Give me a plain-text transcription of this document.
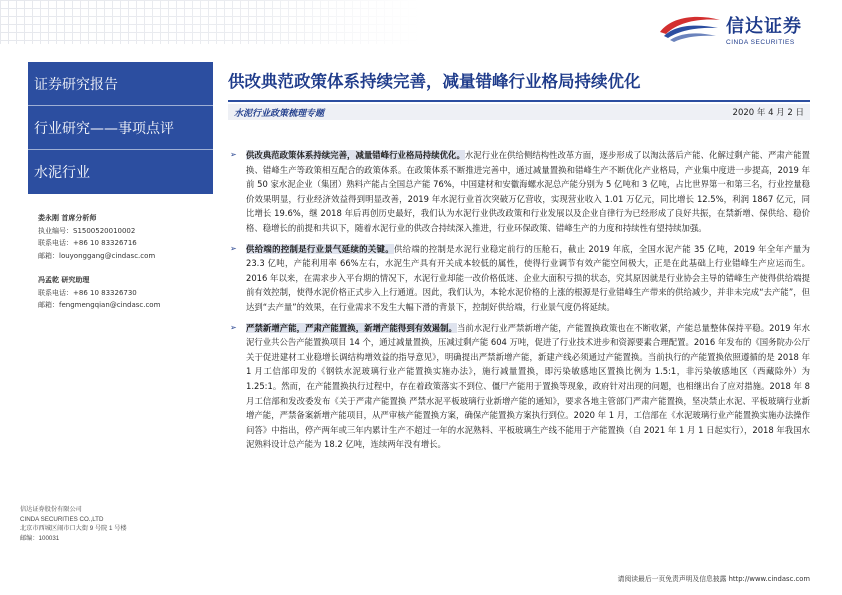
信达证券
CINDA SECURITIES
证券研究报告
行业研究——事项点评
水泥行业
娄永刚 首席分析师
执业编号：S1500520010002
联系电话：+86 10 83326716
邮箱：louyonggang@cindasc.com
冯孟乾 研究助理
联系电话：+86 10 83326730
邮箱：fengmengqian@cindasc.com
信达证券股份有限公司
CINDA SECURITIES CO.,LTD
北京市西城区闹市口大街 9 号院 1 号楼
邮编：100031
供改典范政策体系持续完善，减量错峰行业格局持续优化
水泥行业政策梳理专题	2020 年 4 月 2 日
➢ 供改典范政策体系持续完善，减量错峰行业格局持续优化。水泥行业在供给侧结构性改革方面，逐步形成了以淘汰落后产能、化解过剩产能、严肃产能置换、错峰生产等政策相互配合的政策体系。在政策体系不断推进完善中，通过减量置换和错峰生产不断优化产业格局，产业集中度进一步提高，2019 年前 50 家水泥企业（集团）熟料产能占全国总产能 76%，中国建材和安徽海螺水泥总产能分别为 5 亿吨和 3 亿吨，占比世界第一和第三名，行业控量稳价效果明显，行业经济效益得到明显改善，2019 年水泥行业首次突破万亿营收，实现营业收入 1.01 万亿元，同比增长 12.5%，利润 1867 亿元，同比增长 19.6%，继 2018 年后再创历史最好，我们认为水泥行业供改政策和行业发展以及企业自律行为已经形成了良好共振，在禁新增、保供给、稳价格、稳增长的前提和共识下，随着水泥行业的供改合持续深入推进，行业环保政策、错峰生产的力度和持续性有望持续加强。
➢ 供给端的控制是行业景气延续的关键。供给端的控制是水泥行业稳定前行的压舱石，截止 2019 年底，全国水泥产能 35 亿吨，2019 年全年产量为 23.3 亿吨，产能利用率 66%左右，水泥生产具有开关成本较低的属性，使得行业调节有效产能空间极大，正是在此基础上行业错峰生产应运而生。2016 年以来，在需求步入平台期的情况下，水泥行业却能一改价格低迷、企业大面积亏损的状态，究其原因就是行业协会主导的错峰生产使得供给端提前有效控制，使得水泥价格正式步入上行通道。因此，我们认为，本轮水泥价格的上涨的根源是行业错峰生产带来的供给减少，并非未完成“去产能”，但达到“去产量”的效果，在行业需求不发生大幅下滑的背景下，控制好供给端，行业景气度仍将延续。
➢ 严禁新增产能，严肃产能置换，新增产能得到有效遏制。当前水泥行业严禁新增产能，产能置换政策也在不断收紧，产能总量整体保持平稳。2019 年水泥行业共公告产能置换项目 14 个，通过减量置换，压减过剩产能 604 万吨，促进了行业技术进步和资源要素合理配置。2016 年发布的《国务院办公厅关于促进建材工业稳增长调结构增效益的指导意见》，明确提出严禁新增产能，新建产线必须通过产能置换。当前执行的产能置换依照遵循的是 2018 年 1 月工信部印发的《钢铁水泥玻璃行业产能置换实施办法》，施行减量置换，即污染敏感地区置换比例为 1.5:1，非污染敏感地区（西藏除外）为 1.25:1。然而，在产能置换执行过程中，存在着政策落实不到位、僵尸产能用于置换等现象，政府针对出现的问题，也相继出台了应对措施。2018 年 8 月工信部和发改委发布《关于严肃产能置换 严禁水泥平板玻璃行业新增产能的通知》，要求各地主管部门严肃产能置换，坚决禁止水泥、平板玻璃行业新增产能，严禁备案新增产能项目，从严审核产能置换方案，确保产能置换方案执行到位。2020 年 1 月，工信部在《水泥玻璃行业产能置换实施办法操作问答》中指出，停产两年或三年内累计生产不超过一年的水泥熟料、平板玻璃生产线不能用于产能置换（自 2021 年 1 月 1 日起实行），2018 年我国水泥熟料设计总产能为 18.2 亿吨，连续两年没有增长。
请阅读最后一页免责声明及信息披露 http://www.cindasc.com
